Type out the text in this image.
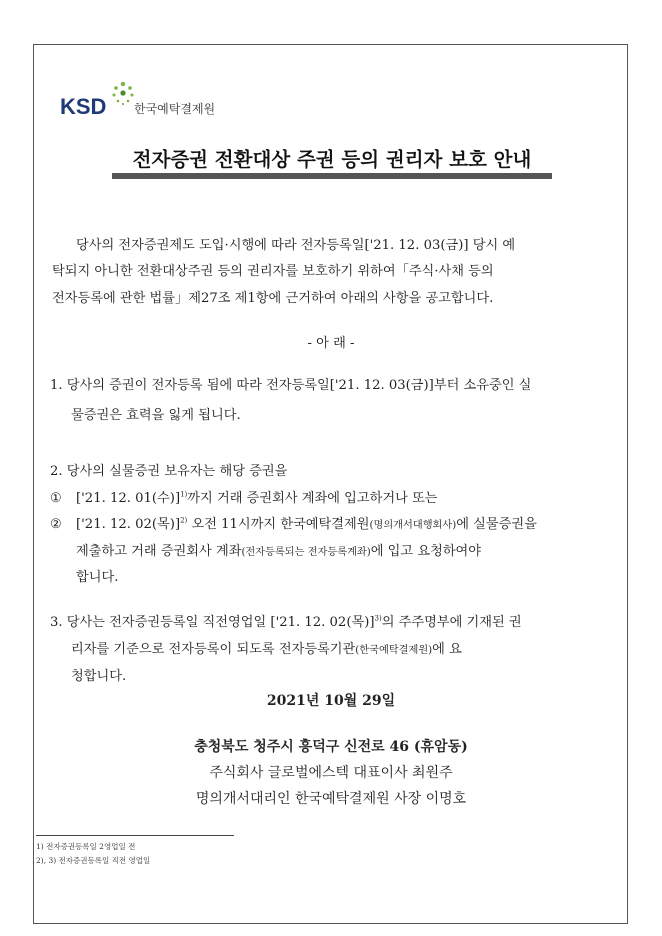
KSD 한국예탁결제원
전자증권 전환대상 주권 등의 권리자 보호 안내
당사의 전자증권제도 도입·시행에 따라 전자등록일['21. 12. 03(금)] 당시 예
탁되지 아니한 전환대상주권 등의 권리자를 보호하기 위하여「주식·사채 등의
전자등록에 관한 법률」제27조 제1항에 근거하여 아래의 사항을 공고합니다.
- 아 래 -
1. 당사의 증권이 전자등록 됨에 따라 전자등록일['21. 12. 03(금)]부터 소유중인 실
물증권은 효력을 잃게 됩니다.
2. 당사의 실물증권 보유자는 해당 증권을
① ['21. 12. 01(수)]$^{1)}$까지 거래 증권회사 계좌에 입고하거나 또는
② ['21. 12. 02(목)]$^{2)}$ 오전 11시까지 한국예탁결제원(명의개서대행회사)에 실물증권을
제출하고 거래 증권회사 계좌(전자등록되는 전자등록계좌)에 입고 요청하여야
합니다.
3. 당사는 전자증권등록일 직전영업일 ['21. 12. 02(목)]$^{3)}$의 주주명부에 기재된 권
리자를 기준으로 전자등록이 되도록 전자등록기관(한국예탁결제원)에 요
청합니다.
2021년 10월 29일
충청북도 청주시 흥덕구 신전로 46 (휴암동)
주식회사 글로벌에스텍 대표이사 최원주
명의개서대리인 한국예탁결제원 사장 이명호
1) 전자증권등록일 2영업일 전
2), 3) 전자증권등록일 직전 영업일
